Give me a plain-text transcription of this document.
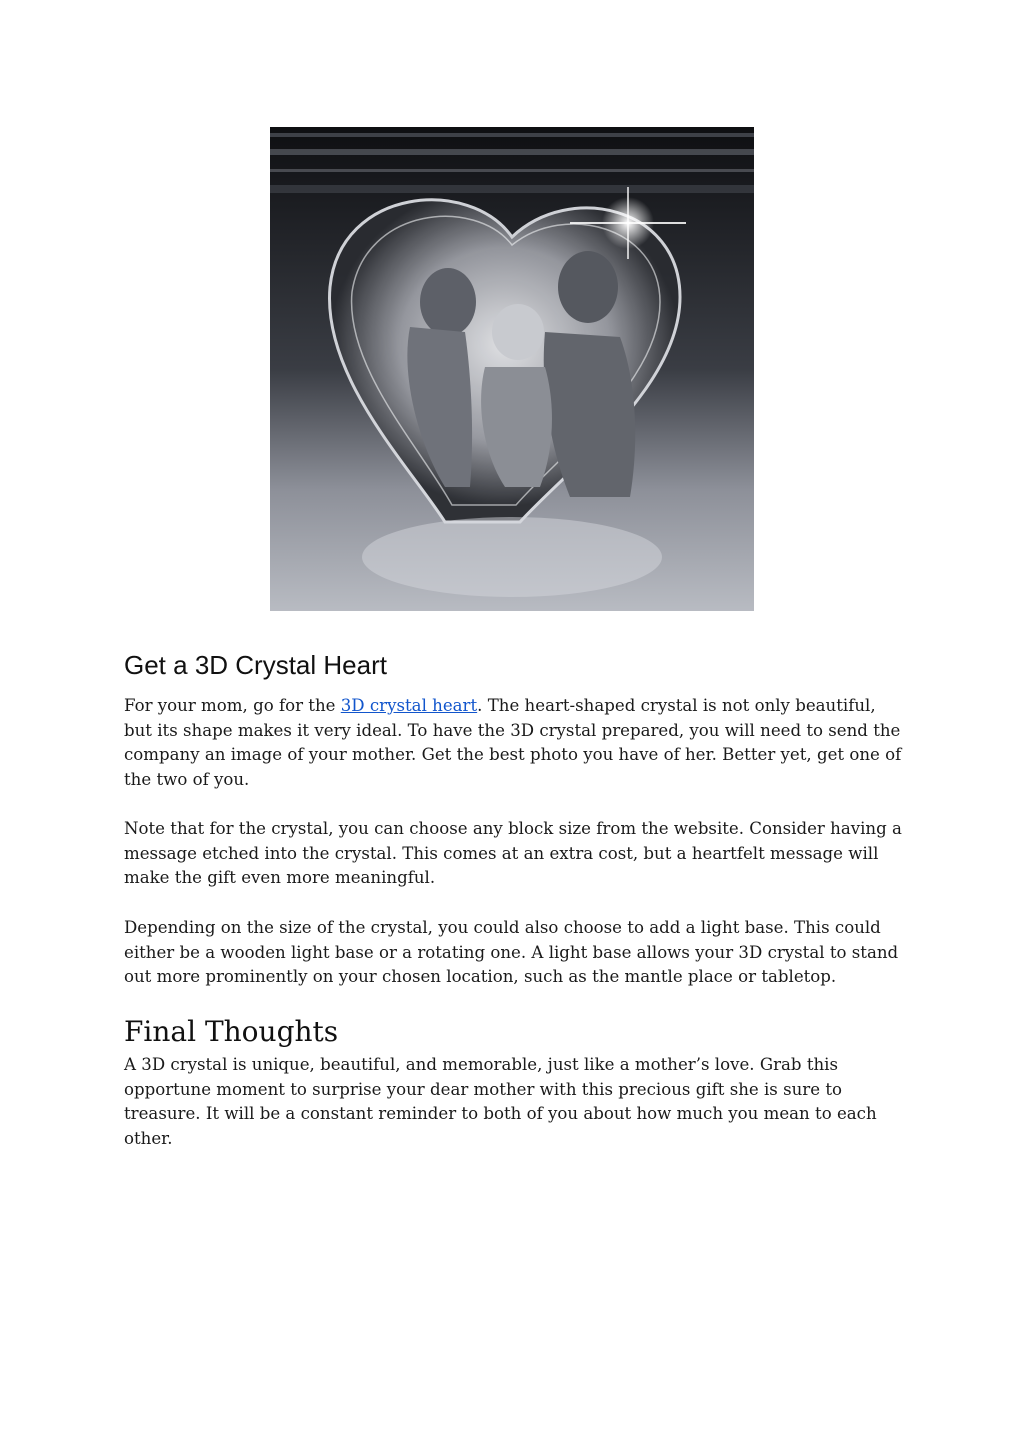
Get a 3D Crystal Heart

For your mom, go for the 3D crystal heart. The heart-shaped crystal is not only beautiful, but its shape makes it very ideal. To have the 3D crystal prepared, you will need to send the company an image of your mother. Get the best photo you have of her. Better yet, get one of the two of you.

Note that for the crystal, you can choose any block size from the website. Consider having a message etched into the crystal. This comes at an extra cost, but a heartfelt message will make the gift even more meaningful.

Depending on the size of the crystal, you could also choose to add a light base. This could either be a wooden light base or a rotating one. A light base allows your 3D crystal to stand out more prominently on your chosen location, such as the mantle place or tabletop.

Final Thoughts

A 3D crystal is unique, beautiful, and memorable, just like a mother’s love. Grab this opportune moment to surprise your dear mother with this precious gift she is sure to treasure. It will be a constant reminder to both of you about how much you mean to each other.
